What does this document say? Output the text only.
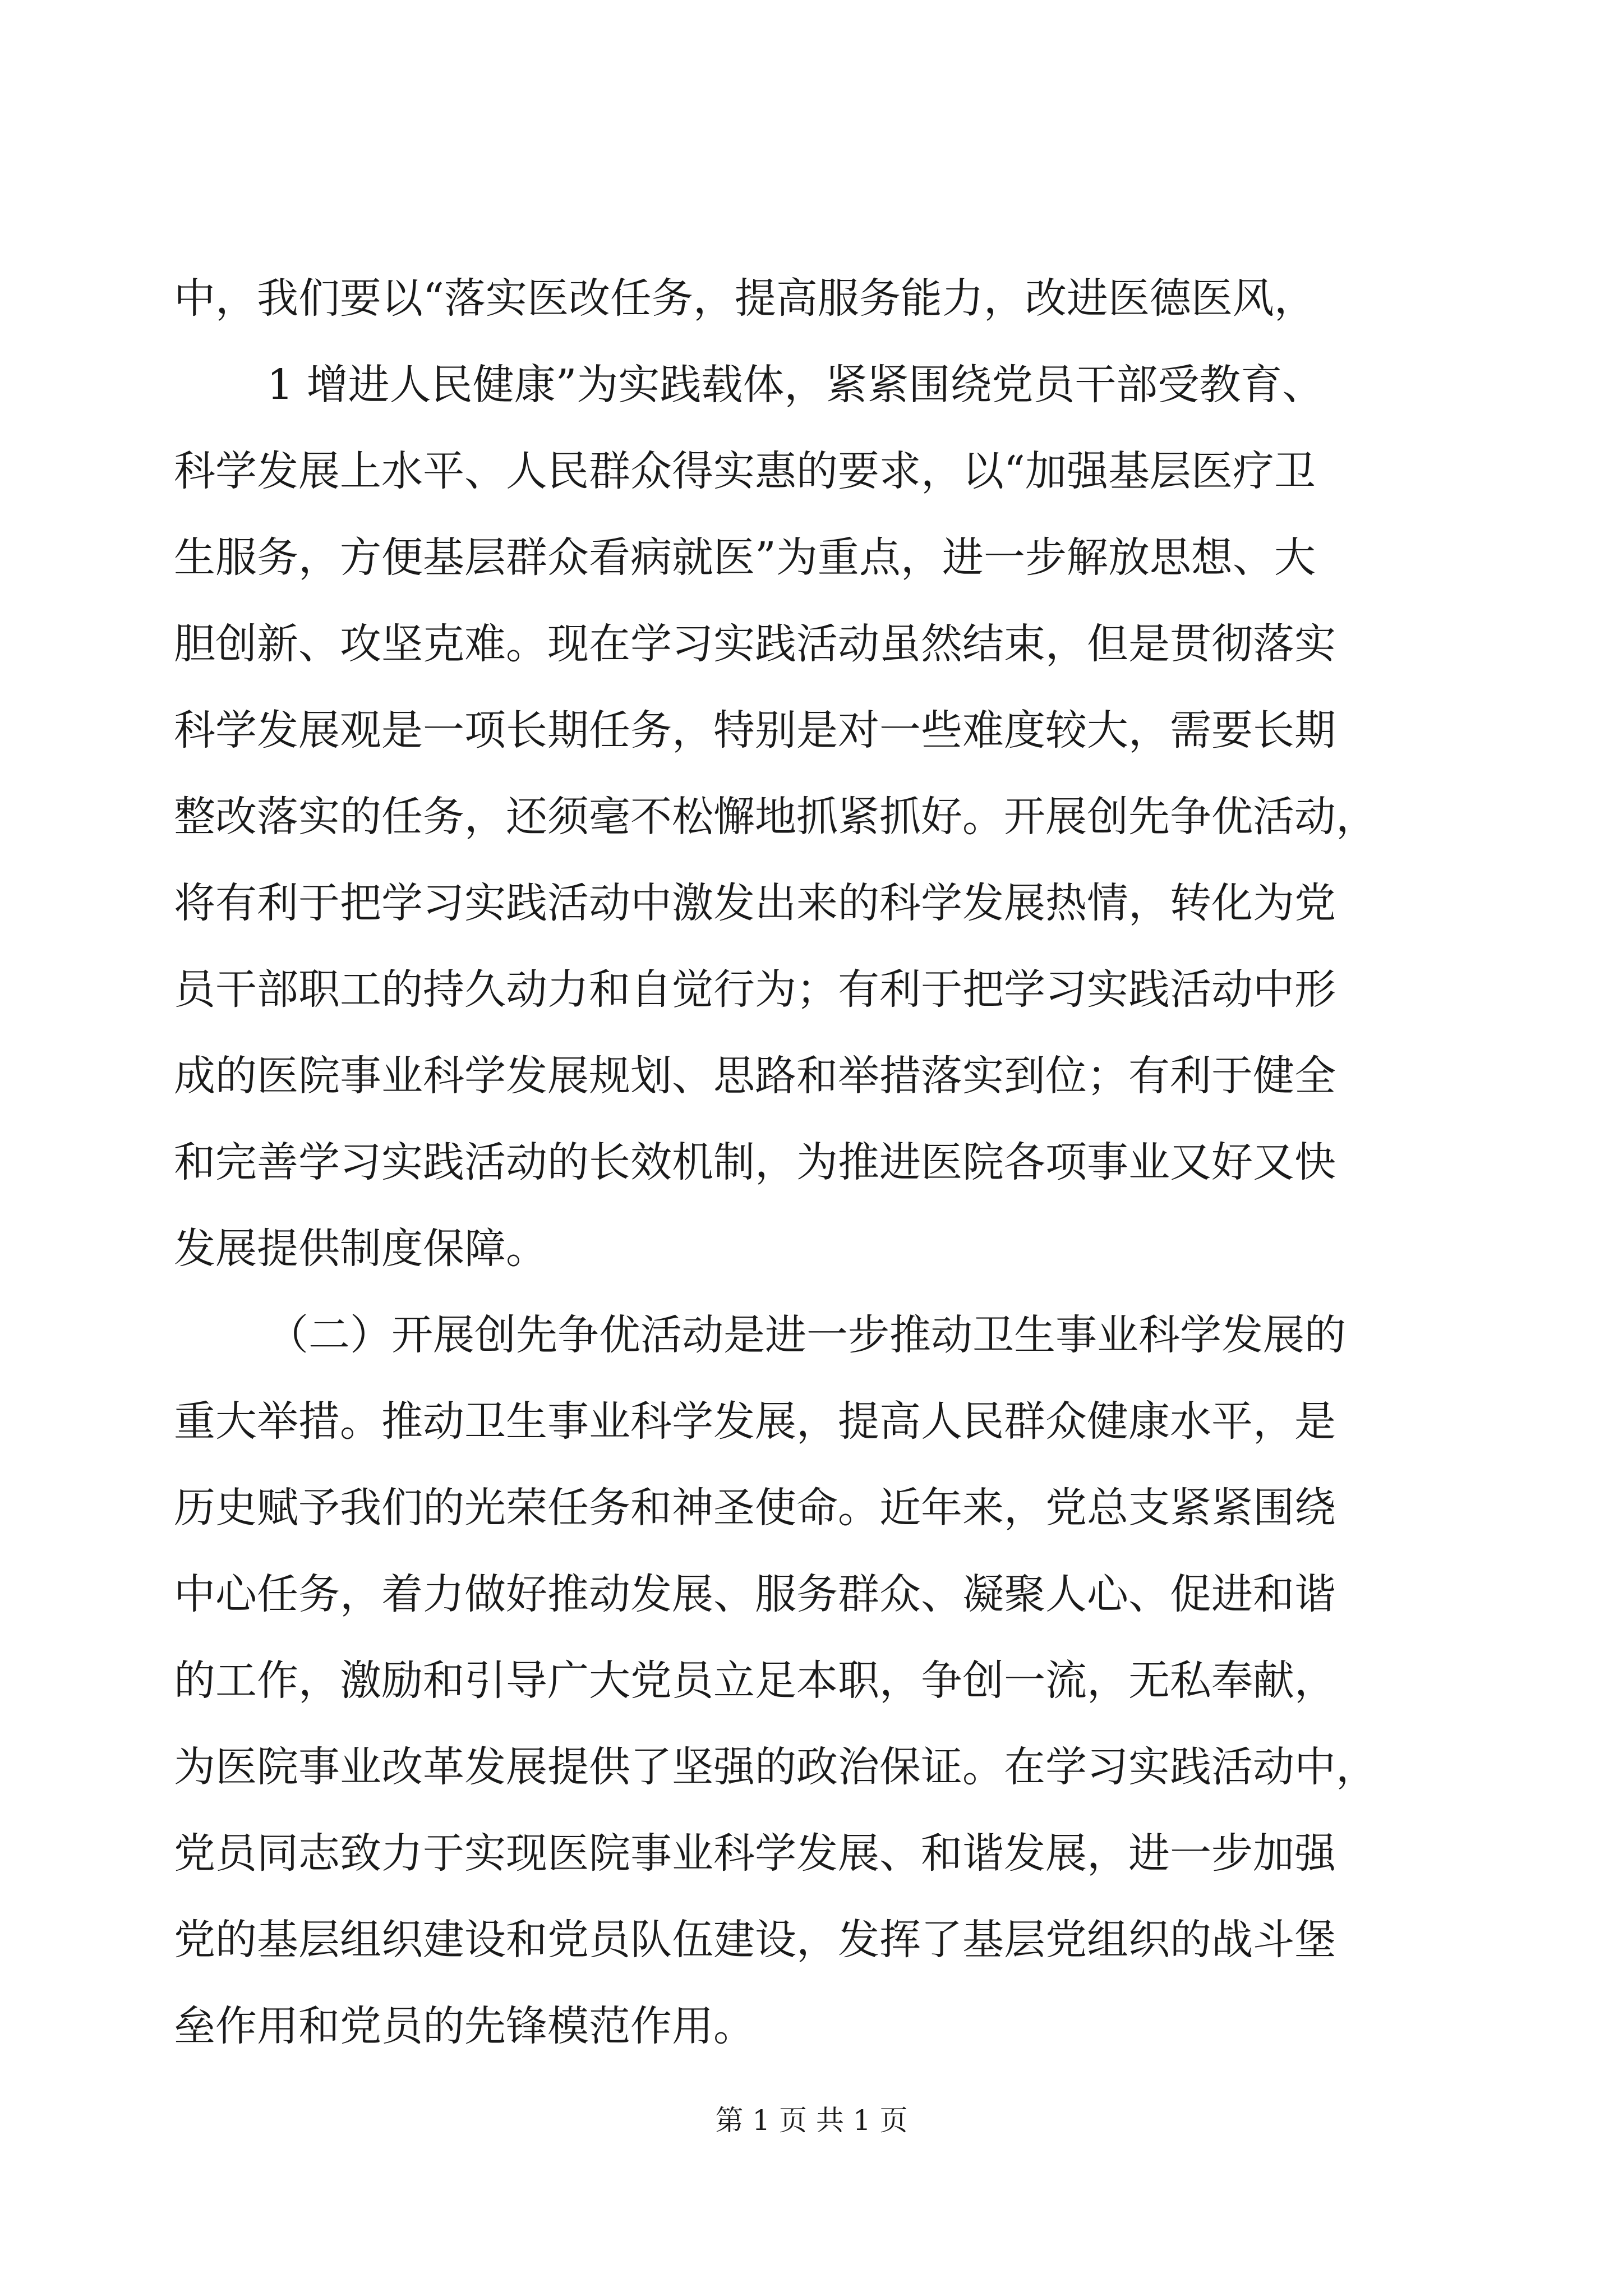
中，我们要以“落实医改任务，提高服务能力，改进医德医风，
1 增进人民健康”为实践载体，紧紧围绕党员干部受教育、
科学发展上水平、人民群众得实惠的要求，以“加强基层医疗卫
生服务，方便基层群众看病就医”为重点，进一步解放思想、大
胆创新、攻坚克难。现在学习实践活动虽然结束，但是贯彻落实
科学发展观是一项长期任务，特别是对一些难度较大，需要长期
整改落实的任务，还须毫不松懈地抓紧抓好。开展创先争优活动，
将有利于把学习实践活动中激发出来的科学发展热情，转化为党
员干部职工的持久动力和自觉行为；有利于把学习实践活动中形
成的医院事业科学发展规划、思路和举措落实到位；有利于健全
和完善学习实践活动的长效机制，为推进医院各项事业又好又快
发展提供制度保障。
（二）开展创先争优活动是进一步推动卫生事业科学发展的
重大举措。推动卫生事业科学发展，提高人民群众健康水平，是
历史赋予我们的光荣任务和神圣使命。近年来，党总支紧紧围绕
中心任务，着力做好推动发展、服务群众、凝聚人心、促进和谐
的工作，激励和引导广大党员立足本职，争创一流，无私奉献，
为医院事业改革发展提供了坚强的政治保证。在学习实践活动中，
党员同志致力于实现医院事业科学发展、和谐发展，进一步加强
党的基层组织建设和党员队伍建设，发挥了基层党组织的战斗堡
垒作用和党员的先锋模范作用。
第 1 页 共 1 页
